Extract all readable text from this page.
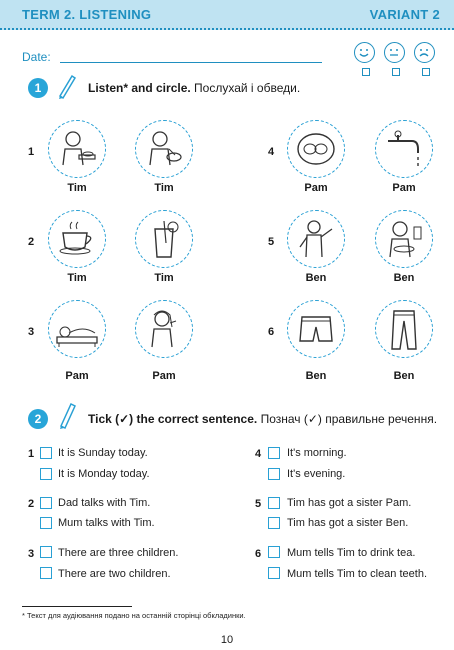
TERM 2. LISTENING	VARIANT 2
Date:
1	Listen* and circle. Послухай і обведи.
1
Tim	Tim
2
Tim	Tim
3
Pam	Pam
4
Pam	Pam
5
Ben	Ben
6
Ben	Ben
2	Tick (✓) the correct sentence. Познач (✓) правильне речення.
1 It is Sunday today.
It is Monday today.
2 Dad talks with Tim.
Mum talks with Tim.
3 There are three children.
There are two children.
4 It's morning.
It's evening.
5 Tim has got a sister Pam.
Tim has got a sister Ben.
6 Mum tells Tim to drink tea.
Mum tells Tim to clean teeth.
* Текст для аудіювання подано на останній сторінці обкладинки.
10
